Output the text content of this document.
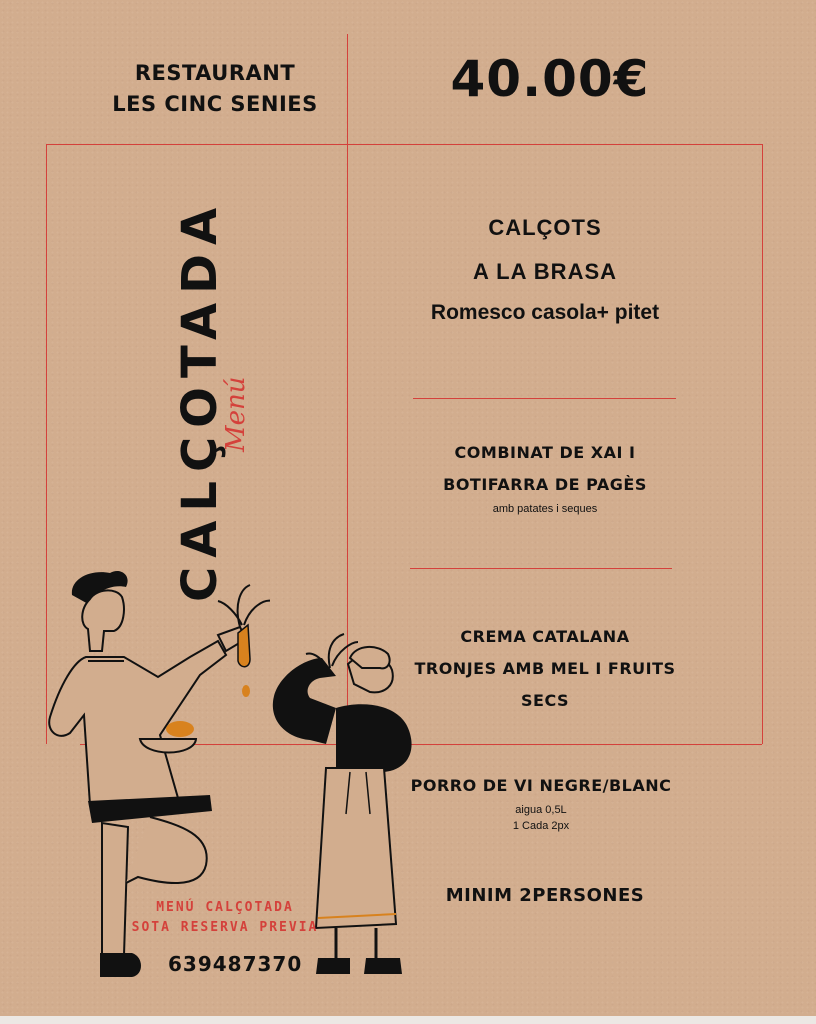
RESTAURANT
LES CINC SENIES	40.00€
CALÇOTADA
Menú
CALÇOTS
A LA BRASA
Romesco casola+ pitet
COMBINAT DE XAI I
BOTIFARRA DE PAGÈS
amb patates i seques
CREMA CATALANA
TRONJES AMB MEL I FRUITS
SECS
PORRO DE VI NEGRE/BLANC
aigua 0,5L
1 Cada 2px
MINIM 2PERSONES
MENÚ CALÇOTADA
SOTA RESERVA PREVIA
639487370
